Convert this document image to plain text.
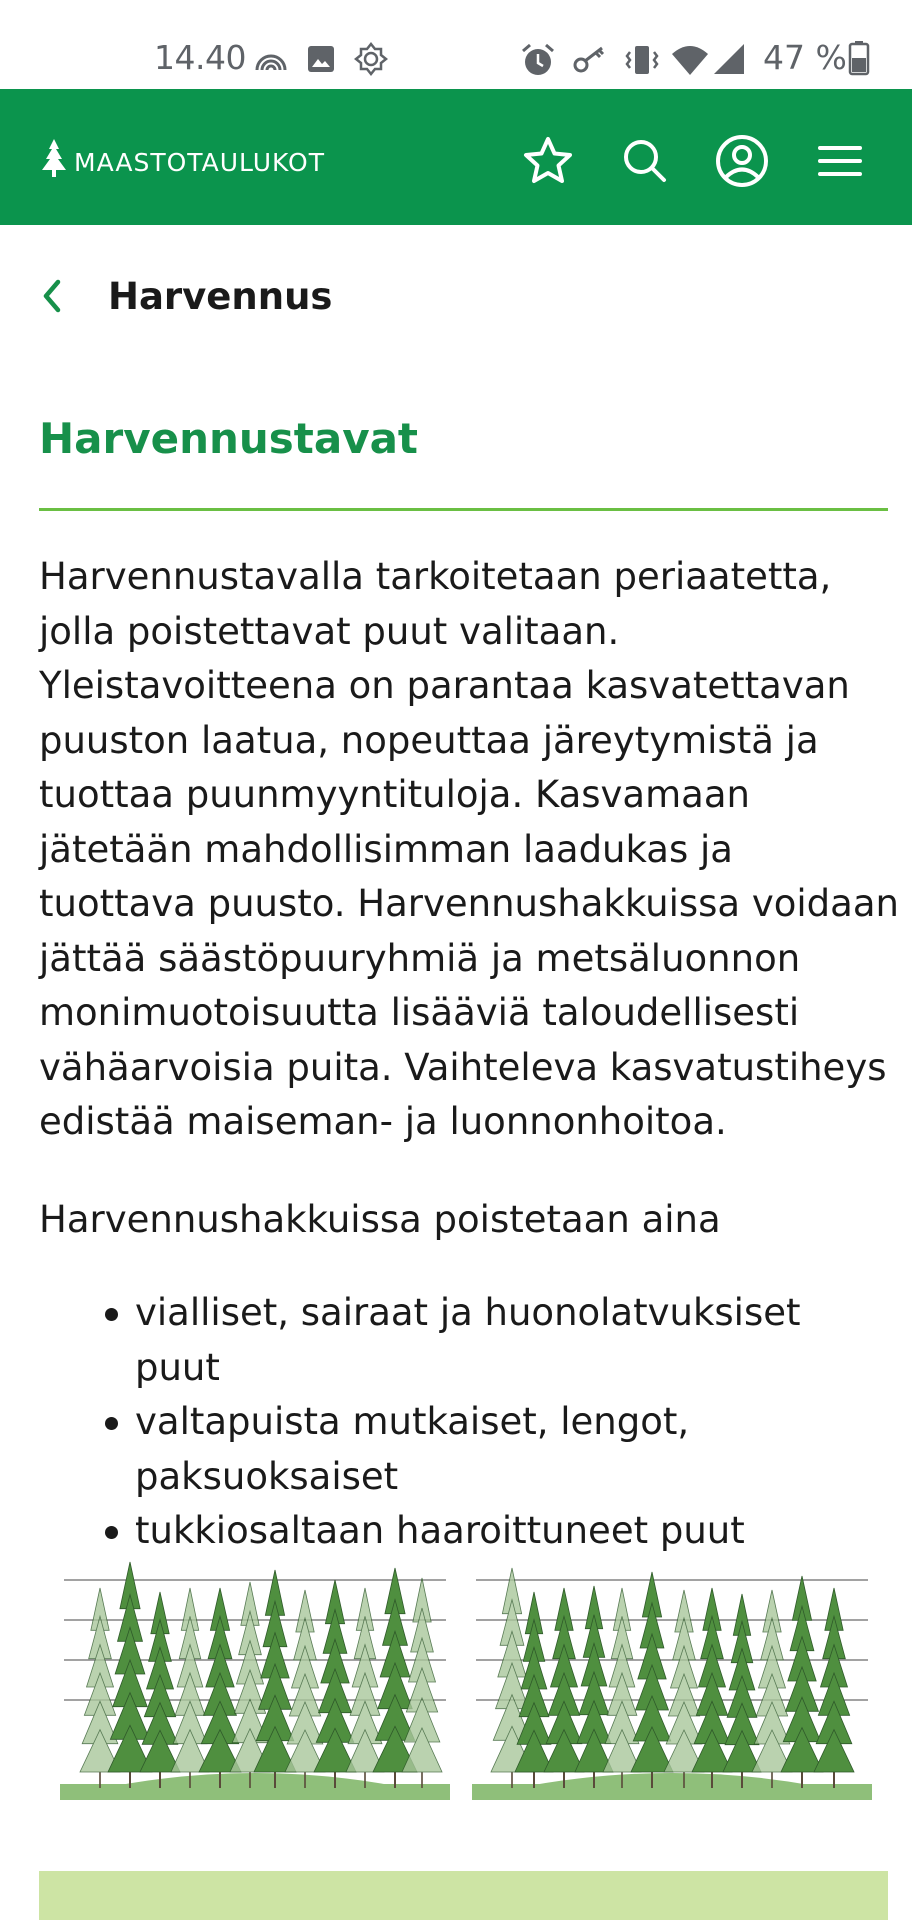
14.40	47 %
MAASTOTAULUKOT
Harvennus
Harvennustavat

Harvennustavalla tarkoitetaan periaatetta, jolla poistettavat puut valitaan. Yleistavoitteena on parantaa kasvatettavan puuston laatua, nopeuttaa järeytymistä ja tuottaa puunmyyntituloja. Kasvamaan jätetään mahdollisimman laadukas ja tuottava puusto. Harvennushakkuissa voidaan jättää säästöpuuryhmiä ja metsäluonnon monimuotoisuutta lisääviä taloudellisesti vähäarvoisia puita. Vaihteleva kasvatustiheys edistää maiseman- ja luonnonhoitoa.

Harvennushakkuissa poistetaan aina

vialliset, sairaat ja huonolatvuksiset puut
valtapuista mutkaiset, lengot, paksuoksaiset
tukkiosaltaan haaroittuneet puut
